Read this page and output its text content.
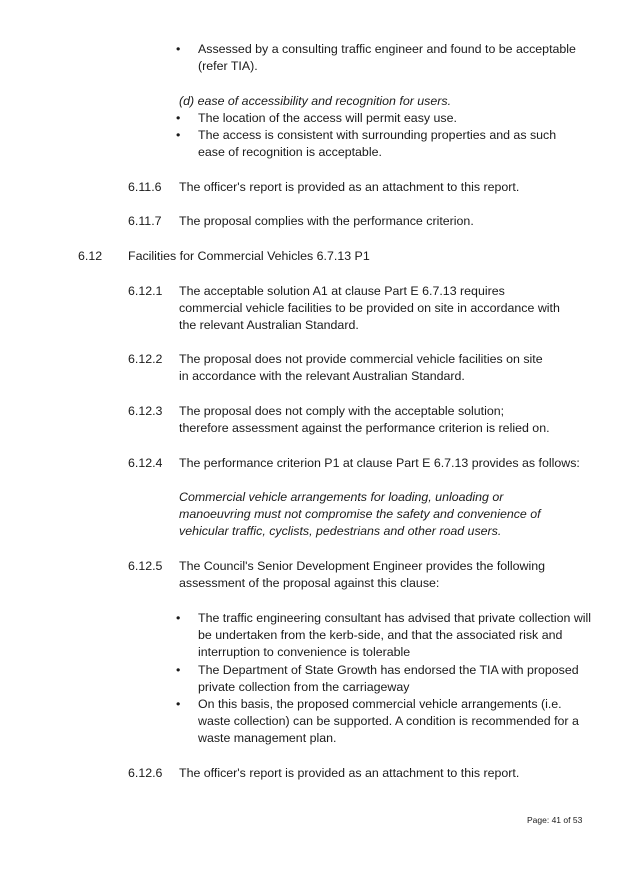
• Assessed by a consulting traffic engineer and found to be acceptable (refer TIA).
(d) ease of accessibility and recognition for users.
• The location of the access will permit easy use.
• The access is consistent with surrounding properties and as such ease of recognition is acceptable.
6.11.6 The officer's report is provided as an attachment to this report.
6.11.7 The proposal complies with the performance criterion.
6.12 Facilities for Commercial Vehicles 6.7.13 P1
6.12.1 The acceptable solution A1 at clause Part E 6.7.13 requires commercial vehicle facilities to be provided on site in accordance with the relevant Australian Standard.
6.12.2 The proposal does not provide commercial vehicle facilities on site in accordance with the relevant Australian Standard.
6.12.3 The proposal does not comply with the acceptable solution; therefore assessment against the performance criterion is relied on.
6.12.4 The performance criterion P1 at clause Part E 6.7.13 provides as follows:
Commercial vehicle arrangements for loading, unloading or manoeuvring must not compromise the safety and convenience of vehicular traffic, cyclists, pedestrians and other road users.
6.12.5 The Council's Senior Development Engineer provides the following assessment of the proposal against this clause:
• The traffic engineering consultant has advised that private collection will be undertaken from the kerb-side, and that the associated risk and interruption to convenience is tolerable
• The Department of State Growth has endorsed the TIA with proposed private collection from the carriageway
• On this basis, the proposed commercial vehicle arrangements (i.e. waste collection) can be supported. A condition is recommended for a waste management plan.
6.12.6 The officer's report is provided as an attachment to this report.
Page: 41 of 53
